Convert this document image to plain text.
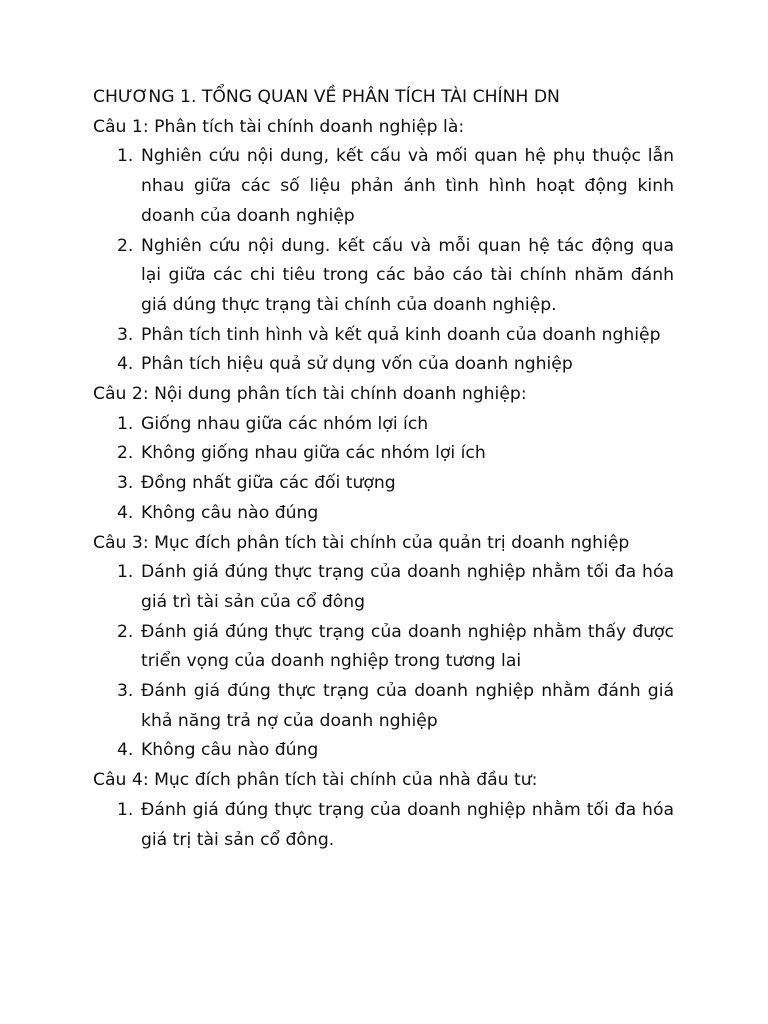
CHƯƠNG 1. TỔNG QUAN VỀ PHÂN TÍCH TÀI CHÍNH DN

Câu 1: Phân tích tài chính doanh nghiệp là:

1. Nghiên cứu nội dung, kết cấu và mối quan hệ phụ thuộc lẫn nhau giữa các số liệu phản ánh tình hình hoạt động kinh doanh của doanh nghiệp
2. Nghiên cứu nội dung. kết cấu và mỗi quan hệ tác động qua lại giữa các chi tiêu trong các bảo cáo tài chính nhăm đánh giá dúng thực trạng tài chính của doanh nghiệp.
3. Phân tích tinh hình và kết quả kinh doanh của doanh nghiệp
4. Phân tích hiệu quả sử dụng vốn của doanh nghiệp

Câu 2: Nội dung phân tích tài chính doanh nghiệp:

1. Giống nhau giữa các nhóm lợi ích
2. Không giống nhau giữa các nhóm lợi ích
3. Đồng nhất giữa các đối tượng
4. Không câu nào đúng

Câu 3: Mục đích phân tích tài chính của quản trị doanh nghiệp

1. Dánh giá đúng thực trạng của doanh nghiệp nhằm tối đa hóa giá trì tài sản của cổ đông
2. Đánh giá đúng thực trạng của doanh nghiệp nhằm thấy được triển vọng của doanh nghiệp trong tương lai
3. Đánh giá đúng thực trạng của doanh nghiệp nhằm đánh giá khả năng trả nợ của doanh nghiệp
4. Không câu nào đúng

Câu 4: Mục đích phân tích tài chính của nhà đầu tư:

1. Đánh giá đúng thực trạng của doanh nghiệp nhằm tối đa hóa giá trị tài sản cổ đông.
